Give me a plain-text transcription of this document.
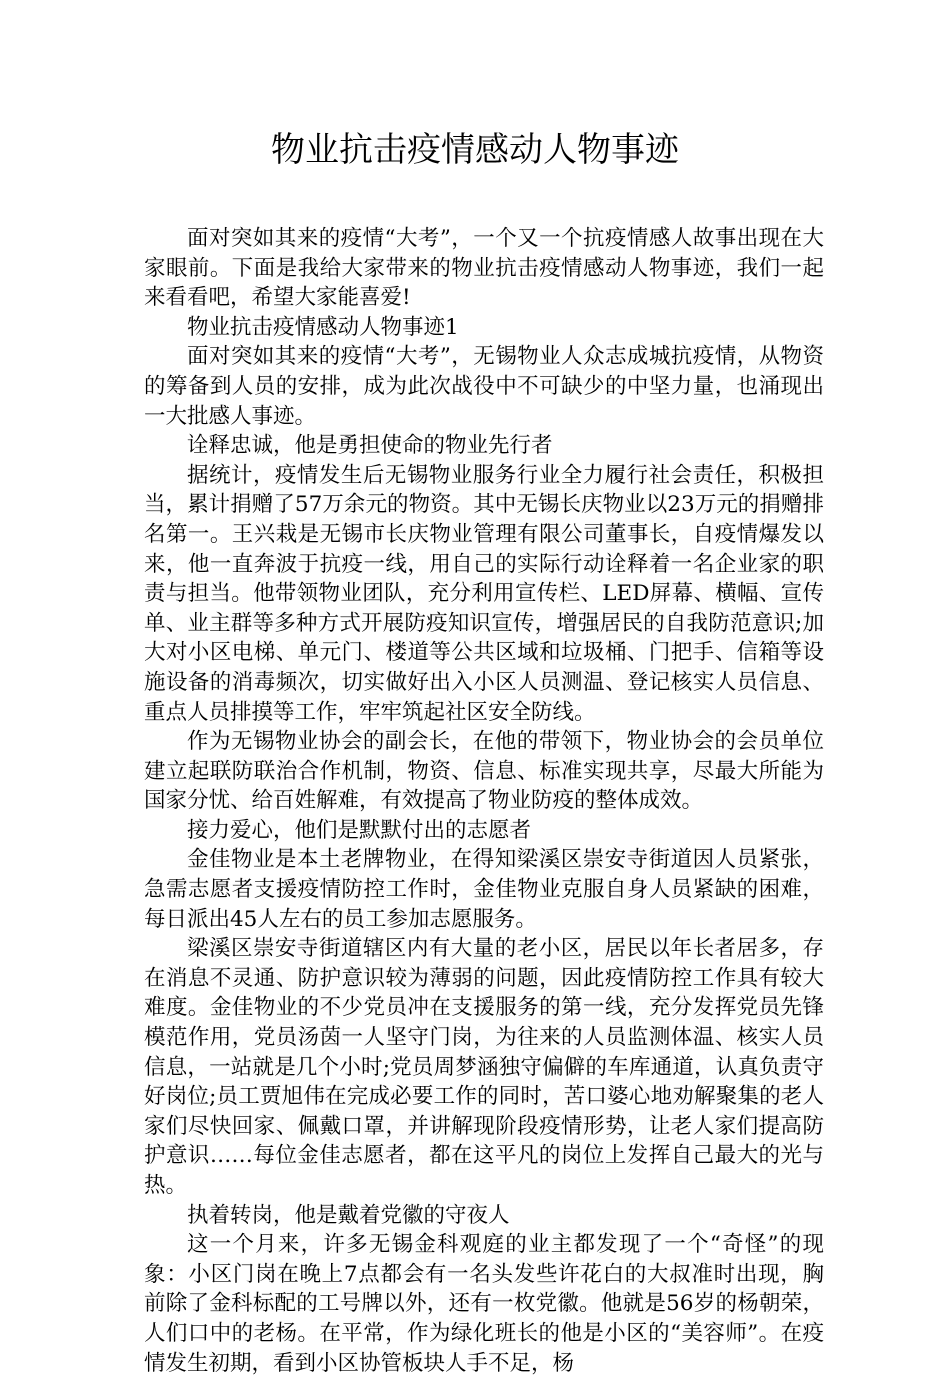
物业抗击疫情感动人物事迹

面对突如其来的疫情“大考”，一个又一个抗疫情感人故事出现在大家眼前。下面是我给大家带来的物业抗击疫情感动人物事迹，我们一起来看看吧，希望大家能喜爱!

物业抗击疫情感动人物事迹1

面对突如其来的疫情“大考”，无锡物业人众志成城抗疫情，从物资的筹备到人员的安排，成为此次战役中不可缺少的中坚力量，也涌现出一大批感人事迹。

诠释忠诚，他是勇担使命的物业先行者

据统计，疫情发生后无锡物业服务行业全力履行社会责任，积极担当，累计捐赠了57万余元的物资。其中无锡长庆物业以23万元的捐赠排名第一。王兴栽是无锡市长庆物业管理有限公司董事长，自疫情爆发以来，他一直奔波于抗疫一线，用自己的实际行动诠释着一名企业家的职责与担当。他带领物业团队，充分利用宣传栏、LED屏幕、横幅、宣传单、业主群等多种方式开展防疫知识宣传，增强居民的自我防范意识;加大对小区电梯、单元门、楼道等公共区域和垃圾桶、门把手、信箱等设施设备的消毒频次，切实做好出入小区人员测温、登记核实人员信息、重点人员排摸等工作，牢牢筑起社区安全防线。

作为无锡物业协会的副会长，在他的带领下，物业协会的会员单位建立起联防联治合作机制，物资、信息、标准实现共享，尽最大所能为国家分忧、给百姓解难，有效提高了物业防疫的整体成效。

接力爱心，他们是默默付出的志愿者

金佳物业是本土老牌物业，在得知梁溪区崇安寺街道因人员紧张，急需志愿者支援疫情防控工作时，金佳物业克服自身人员紧缺的困难，每日派出45人左右的员工参加志愿服务。

梁溪区崇安寺街道辖区内有大量的老小区，居民以年长者居多，存在消息不灵通、防护意识较为薄弱的问题，因此疫情防控工作具有较大难度。金佳物业的不少党员冲在支援服务的第一线，充分发挥党员先锋模范作用，党员汤茵一人坚守门岗，为往来的人员监测体温、核实人员信息，一站就是几个小时;党员周梦涵独守偏僻的车库通道，认真负责守好岗位;员工贾旭伟在完成必要工作的同时，苦口婆心地劝解聚集的老人家们尽快回家、佩戴口罩，并讲解现阶段疫情形势，让老人家们提高防护意识……每位金佳志愿者，都在这平凡的岗位上发挥自己最大的光与热。

执着转岗，他是戴着党徽的守夜人

这一个月来，许多无锡金科观庭的业主都发现了一个“奇怪”的现象：小区门岗在晚上7点都会有一名头发些许花白的大叔准时出现，胸前除了金科标配的工号牌以外，还有一枚党徽。他就是56岁的杨朝荣，人们口中的老杨。在平常，作为绿化班长的他是小区的“美容师”。在疫情发生初期，看到小区协管板块人手不足，杨
